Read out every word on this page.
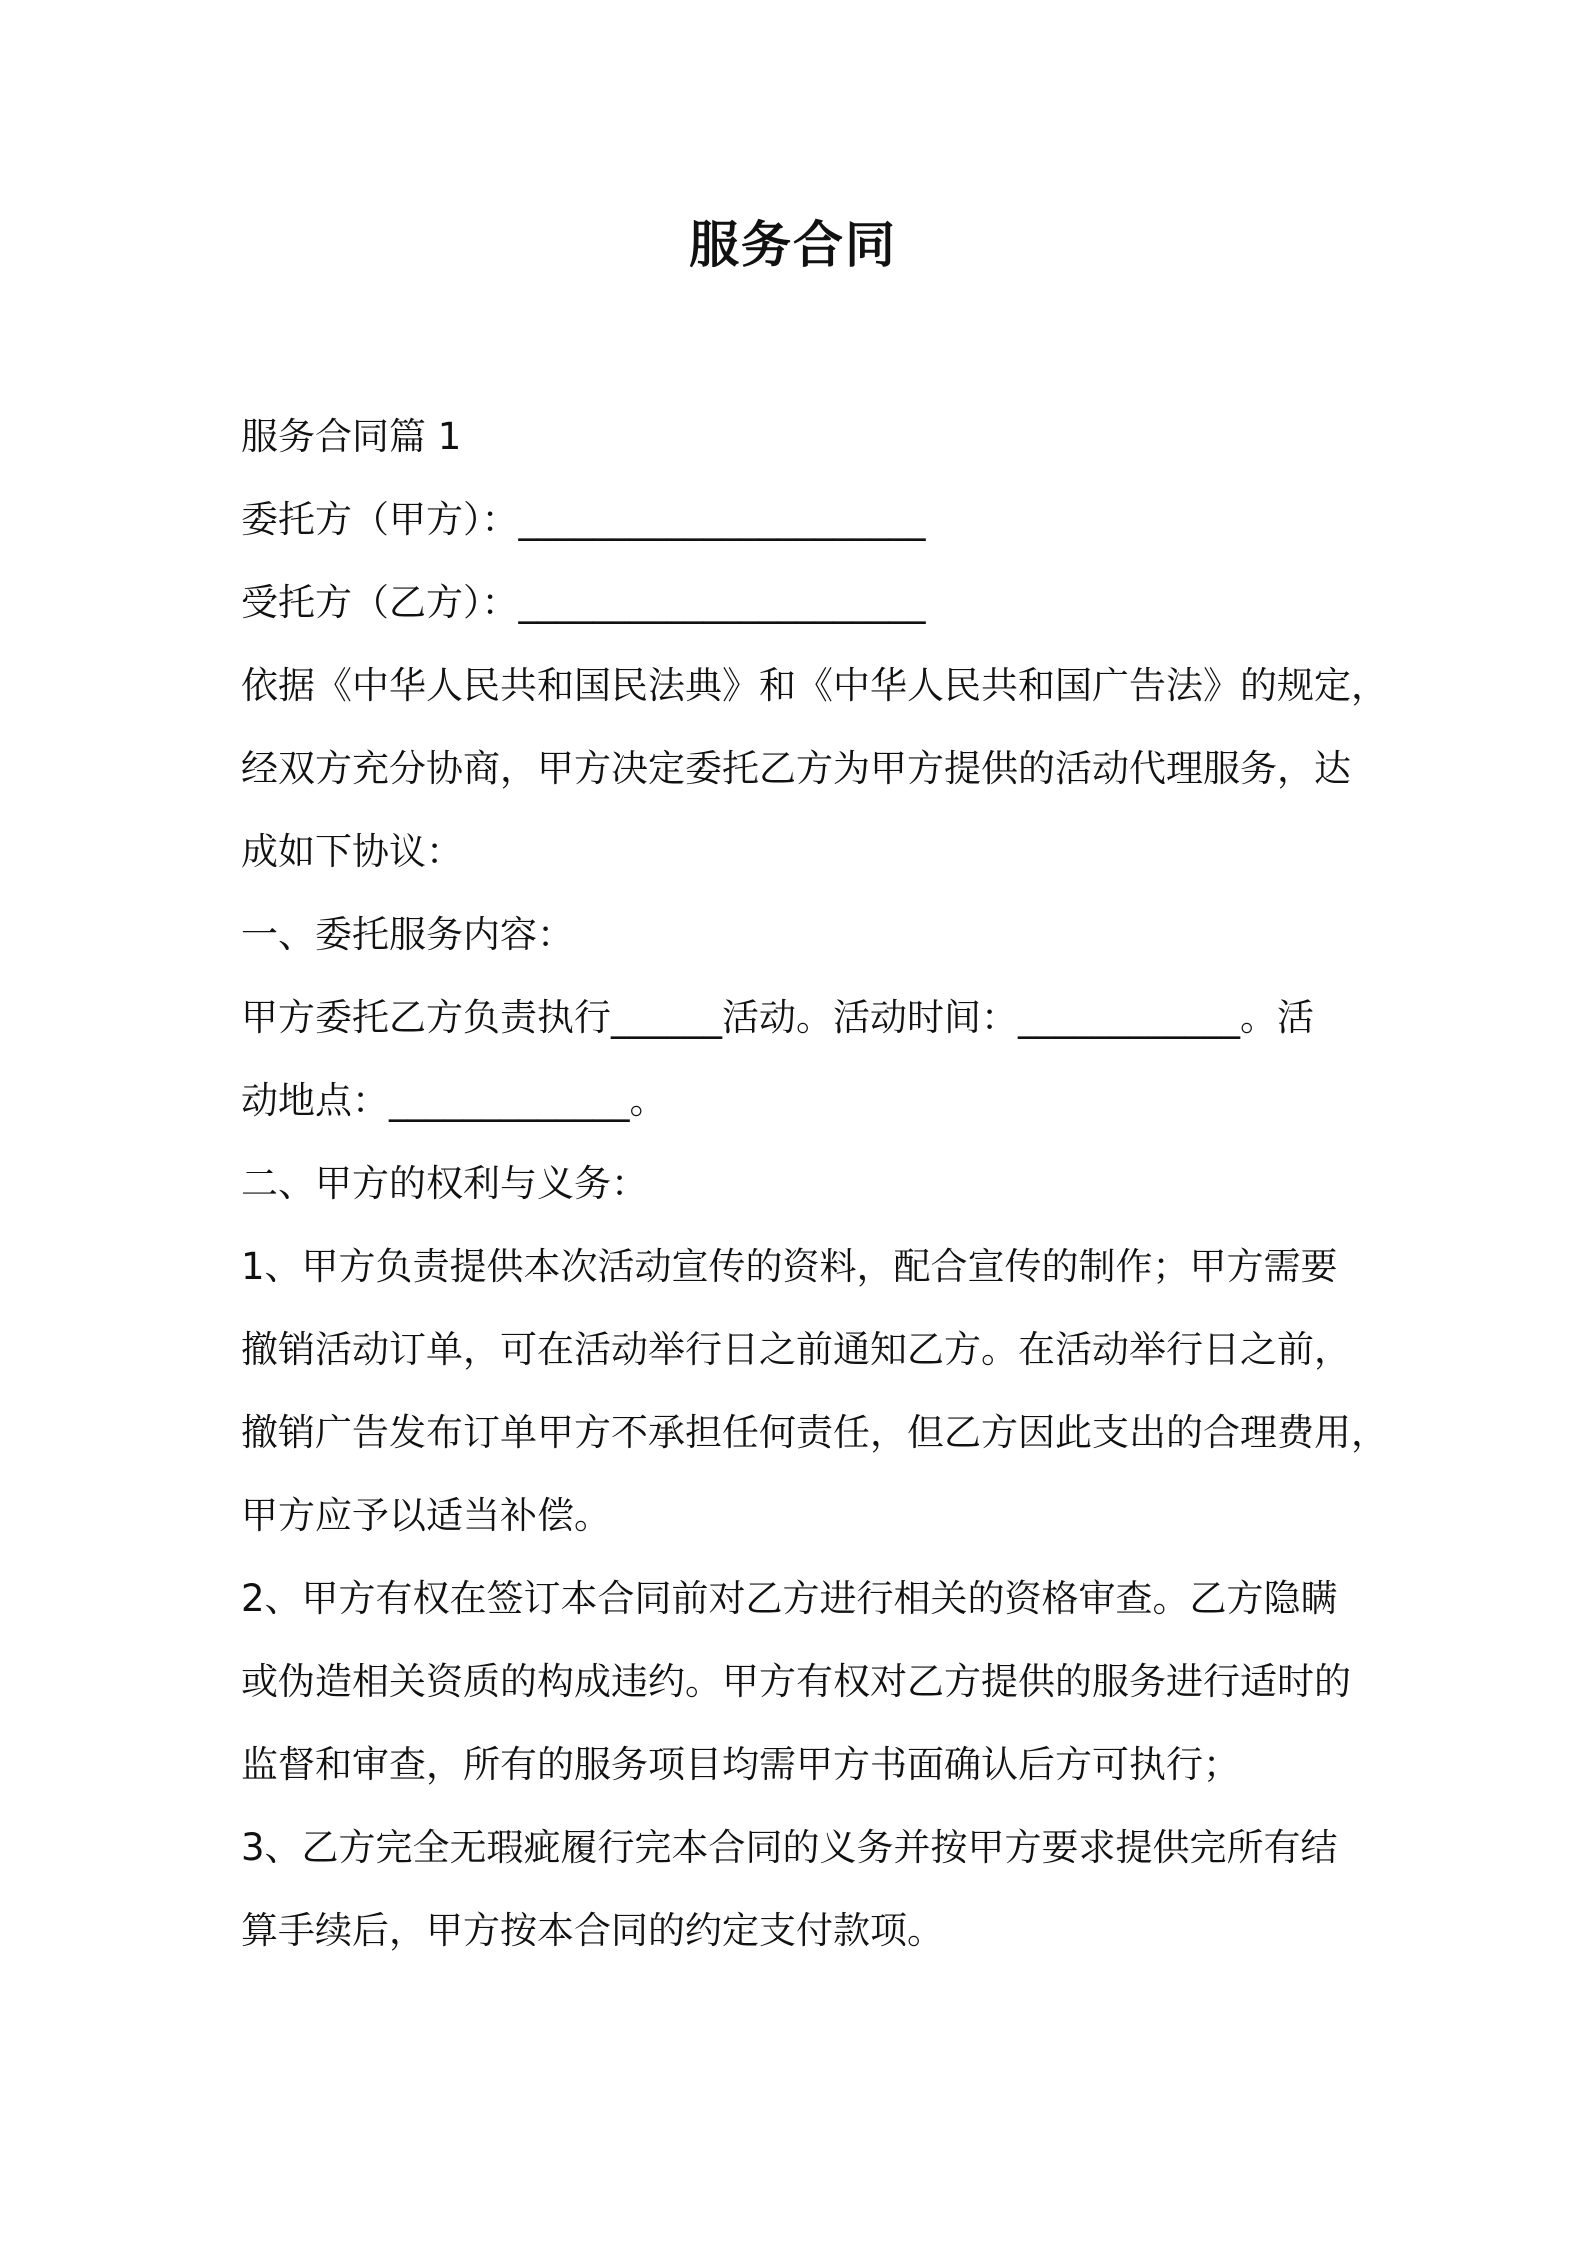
服务合同

服务合同篇 1

委托方（甲方）：______________________

受托方（乙方）：______________________

依据《中华人民共和国民法典》和《中华人民共和国广告法》的规定，

经双方充分协商，甲方决定委托乙方为甲方提供的活动代理服务，达

成如下协议：

一、委托服务内容：

甲方委托乙方负责执行______活动。活动时间：____________。活

动地点：_____________。

二、甲方的权利与义务：

1、甲方负责提供本次活动宣传的资料，配合宣传的制作；甲方需要

撤销活动订单，可在活动举行日之前通知乙方。在活动举行日之前，

撤销广告发布订单甲方不承担任何责任，但乙方因此支出的合理费用，

甲方应予以适当补偿。

2、甲方有权在签订本合同前对乙方进行相关的资格审查。乙方隐瞒

或伪造相关资质的构成违约。甲方有权对乙方提供的服务进行适时的

监督和审查，所有的服务项目均需甲方书面确认后方可执行；

3、乙方完全无瑕疵履行完本合同的义务并按甲方要求提供完所有结

算手续后，甲方按本合同的约定支付款项。
